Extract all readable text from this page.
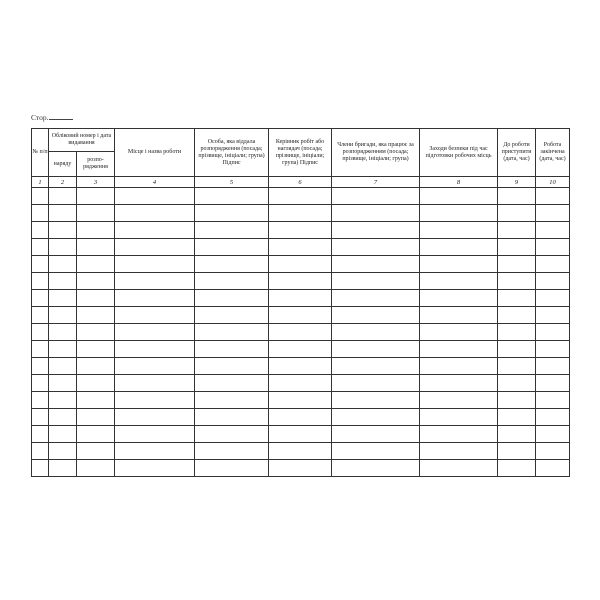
Стор.
№ п/п	Обліковий номер і дата видавання		Місце і назва роботи	Особа, яка віддала розпорядження (посада; прізвище, ініціали; група) Підпис	Керівник робіт або наглядач (посада; прізвище, ініціали; група) Підпис	Члени бригади, яка працює за розпорядженням (посада; прізвище, ініціали; група)	Заходи безпеки під час підготовки робочих місць	До роботи приступити (дата, час)	Робота закінчена (дата, час)
	наряду	розпо-рядження							
1	2	3	4	5	6	7	8	9	10
